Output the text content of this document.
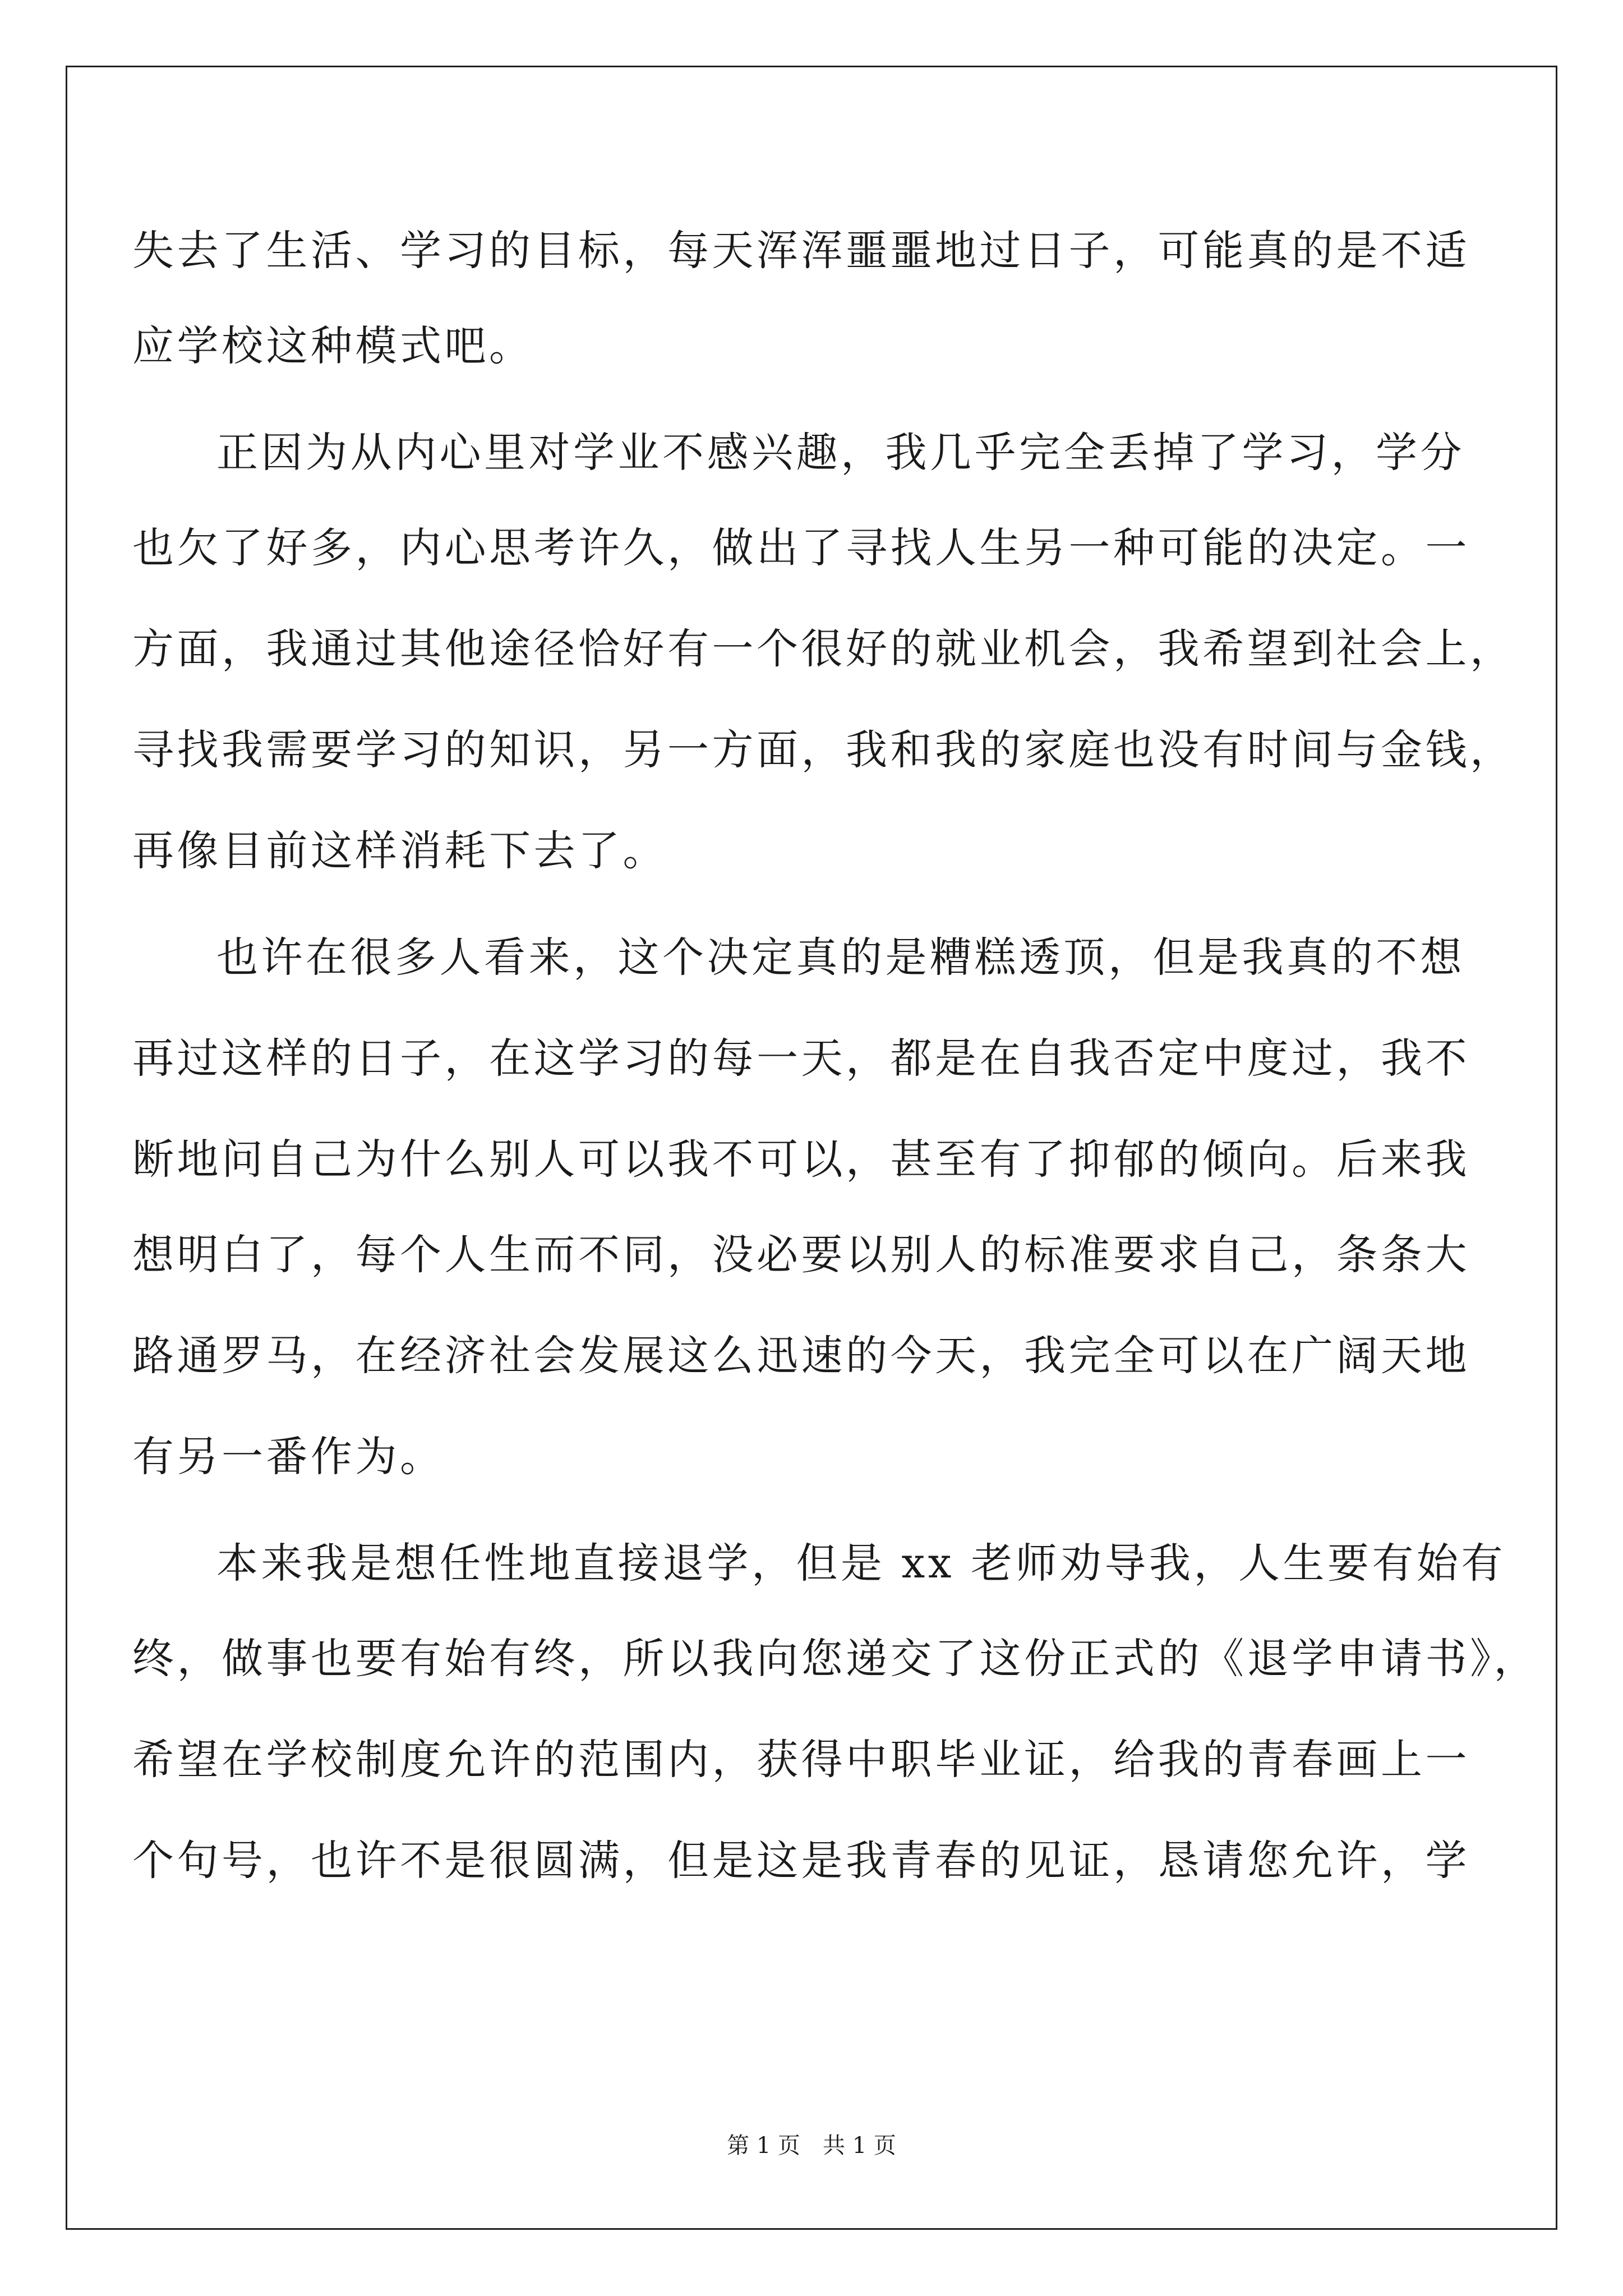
失去了生活、学习的目标，每天浑浑噩噩地过日子，可能真的是不适
应学校这种模式吧。
正因为从内心里对学业不感兴趣，我几乎完全丢掉了学习，学分
也欠了好多，内心思考许久，做出了寻找人生另一种可能的决定。一
方面，我通过其他途径恰好有一个很好的就业机会，我希望到社会上，
寻找我需要学习的知识，另一方面，我和我的家庭也没有时间与金钱，
再像目前这样消耗下去了。
也许在很多人看来，这个决定真的是糟糕透顶，但是我真的不想
再过这样的日子，在这学习的每一天，都是在自我否定中度过，我不
断地问自己为什么别人可以我不可以，甚至有了抑郁的倾向。后来我
想明白了，每个人生而不同，没必要以别人的标准要求自己，条条大
路通罗马，在经济社会发展这么迅速的今天，我完全可以在广阔天地
有另一番作为。
本来我是想任性地直接退学，但是 xx 老师劝导我，人生要有始有
终，做事也要有始有终，所以我向您递交了这份正式的《退学申请书》，
希望在学校制度允许的范围内，获得中职毕业证，给我的青春画上一
个句号，也许不是很圆满，但是这是我青春的见证，恳请您允许，学
第 1 页 共 1 页
